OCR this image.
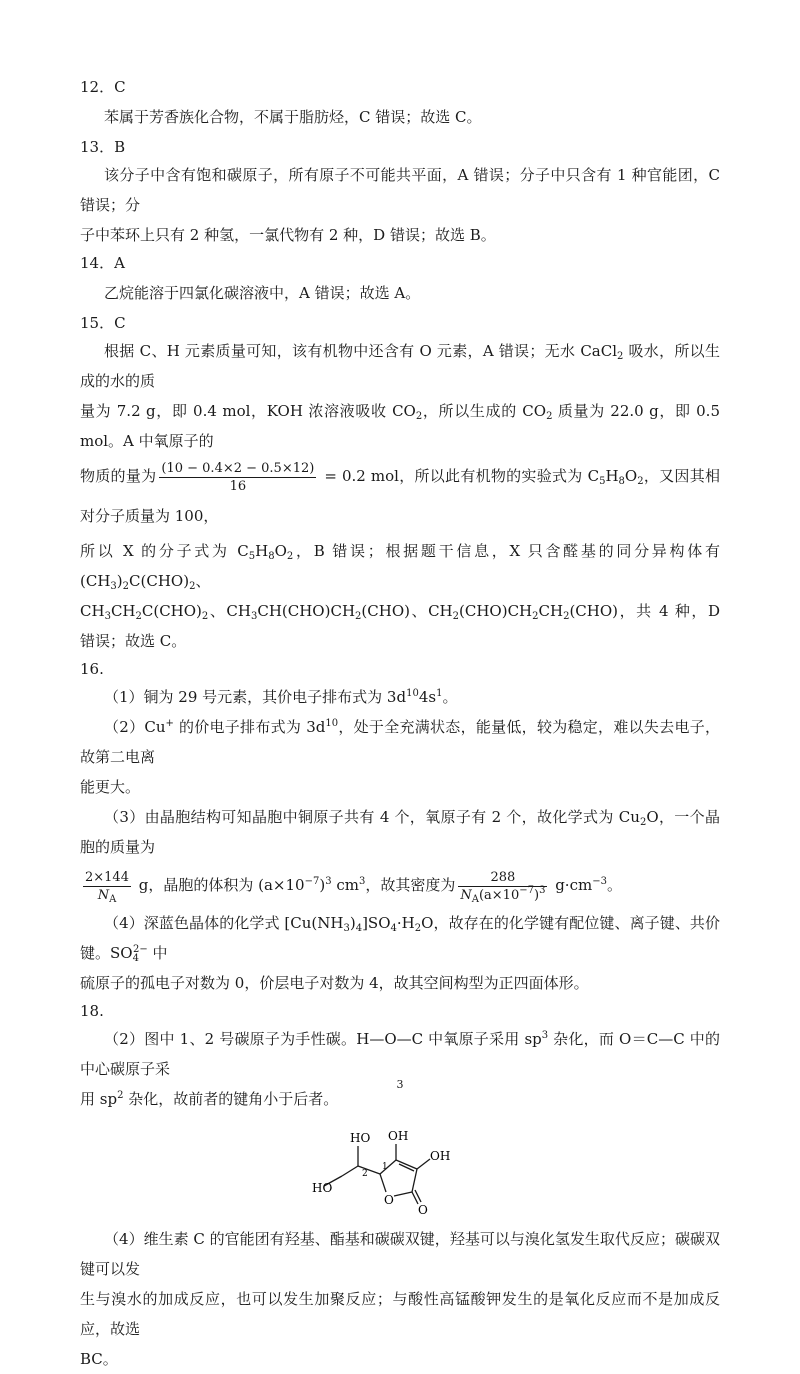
12．C

苯属于芳香族化合物，不属于脂肪烃，C 错误；故选 C。

13．B

该分子中含有饱和碳原子，所有原子不可能共平面，A 错误；分子中只含有 1 种官能团，C 错误；分

子中苯环上只有 2 种氢，一氯代物有 2 种，D 错误；故选 B。

14．A

乙烷能溶于四氯化碳溶液中，A 错误；故选 A。

15．C

根据 C、H 元素质量可知，该有机物中还含有 O 元素，A 错误；无水 CaCl$_2$ 吸水，所以生成的水的质

量为 7.2 g，即 0.4 mol，KOH 浓溶液吸收 $CO_2$，所以生成的 $CO_2$ 质量为 22.0 g，即 0.5 mol。A 中氧原子的

物质的量为 $\frac{(10 - 0.4\times 2 - 0.5\times 12)}{16} = 0.2$ mol，所以此有机物的实验式为 $C_5H_8O_2$，又因其相对分子质量为 100，

所以 X 的分子式为 $C_5H_8O_2$，B 错误；根据题干信息，X 只含醛基的同分异构体有 $(CH_3)_2C(CHO)_2$、

$CH_3CH_2C(CHO)_2$、$CH_3CH(CHO)CH_2(CHO)$、$CH_2(CHO)CH_2CH_2(CHO)$，共 4 种，D 错误；故选 C。

16.

（1）铜为 29 号元素，其价电子排布式为 $3d^{10}4s^1$。

（2）Cu+ 的价电子排布式为 $3d^{10}$，处于全充满状态，能量低，较为稳定，难以失去电子，故第二电离

能更大。

（3）由晶胞结构可知晶胞中铜原子共有 4 个，氧原子有 2 个，故化学式为 $Cu_2O$，一个晶胞的质量为

$\frac{2\times 144}{N_A}$ g，晶胞的体积为 $(a\times 10^{-7})^3$ $cm^3$，故其密度为 $\frac{288}{N_A(a\times 10^{-7})^3} g\cdot cm^{-3}$。

（4）深蓝色晶体的化学式 $[Cu(NH_3)_4]SO_4\cdot H_2O$，故存在的化学键有配位键、离子键、共价键。$SO_4^{2-}$ 中

硫原子的孤电子对数为 0，价层电子对数为 4，故其空间构型为正四面体形。

18.

（2）图中 1、2 号碳原子为手性碳。H—O—C 中氧原子采用 $sp^3$ 杂化，而 O＝C—C 中的中心碳原子采

用 $sp^2$ 杂化，故前者的键角小于后者。

HO
HO OH
OH
O
O
1
2

（4）维生素 C 的官能团有羟基、酯基和碳碳双键，羟基可以与溴化氢发生取代反应；碳碳双键可以发

生与溴水的加成反应，也可以发生加聚反应；与酸性高锰酸钾发生的是氧化反应而不是加成反应，故选

BC。

3
